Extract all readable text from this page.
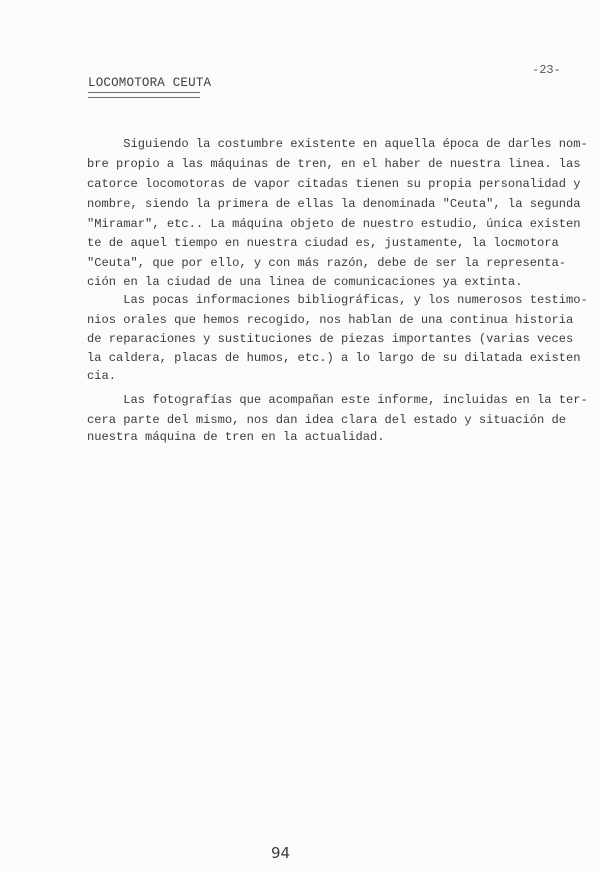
LOCOMOTORA CEUTA
-23-
Siguiendo la costumbre existente en aquella época de darles nom-
bre propio a las máquinas de tren, en el haber de nuestra linea. las
catorce locomotoras de vapor citadas tienen su propia personalidad y
nombre, siendo la primera de ellas la denominada "Ceuta", la segunda
"Miramar", etc.. La máquina objeto de nuestro estudio, única existen
te de aquel tiempo en nuestra ciudad es, justamente, la locmotora
"Ceuta", que por ello, y con más razón, debe de ser la representa-
ción en la ciudad de una linea de comunicaciones ya extinta.
Las pocas informaciones bibliográficas, y los numerosos testimo-
nios orales que hemos recogido, nos hablan de una continua historia
de reparaciones y sustituciones de piezas importantes (varias veces
la caldera, placas de humos, etc.) a lo largo de su dilatada existen
cia.
Las fotografías que acompañan este informe, incluidas en la ter-
cera parte del mismo, nos dan idea clara del estado y situación de
nuestra máquina de tren en la actualidad.
94
